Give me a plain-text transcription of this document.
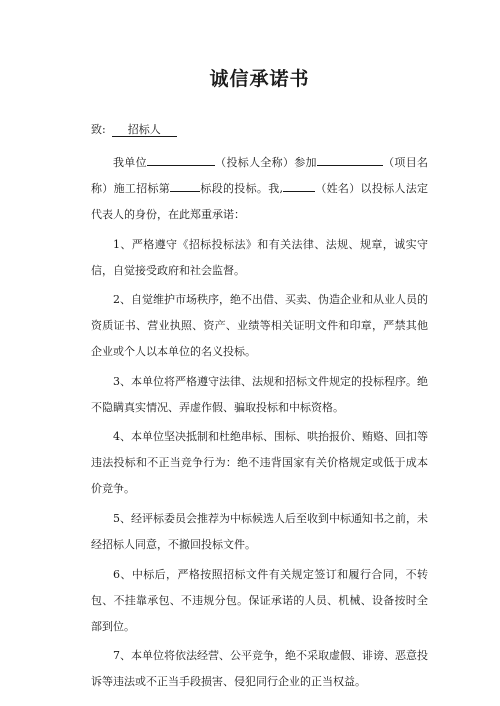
诚信承诺书
致: 招标人

我单位	（投标人全称）参加	（项目名称）施工招标第	标段的投标。我,	（姓名）以投标人法定代表人的身份，在此郑重承诺：

1、严格遵守《招标投标法》和有关法律、法规、规章，诚实守信，自觉接受政府和社会监督。

2、自觉维护市场秩序，绝不出借、买卖、伪造企业和从业人员的资质证书、营业执照、资产、业绩等相关证明文件和印章，严禁其他企业或个人以本单位的名义投标。

3、本单位将严格遵守法律、法规和招标文件规定的投标程序。绝不隐瞒真实情况、弄虚作假、骗取投标和中标资格。

4、本单位坚决抵制和杜绝串标、围标、哄抬报价、贿赂、回扣等违法投标和不正当竞争行为：绝不违背国家有关价格规定或低于成本价竞争。

5、经评标委员会推荐为中标候选人后至收到中标通知书之前，未经招标人同意，不撤回投标文件。

6、中标后，严格按照招标文件有关规定签订和履行合同，不转包、不挂靠承包、不违规分包。保证承诺的人员、机械、设备按时全部到位。

7、本单位将依法经营、公平竞争，绝不采取虚假、诽谤、恶意投诉等违法或不正当手段损害、侵犯同行企业的正当权益。
